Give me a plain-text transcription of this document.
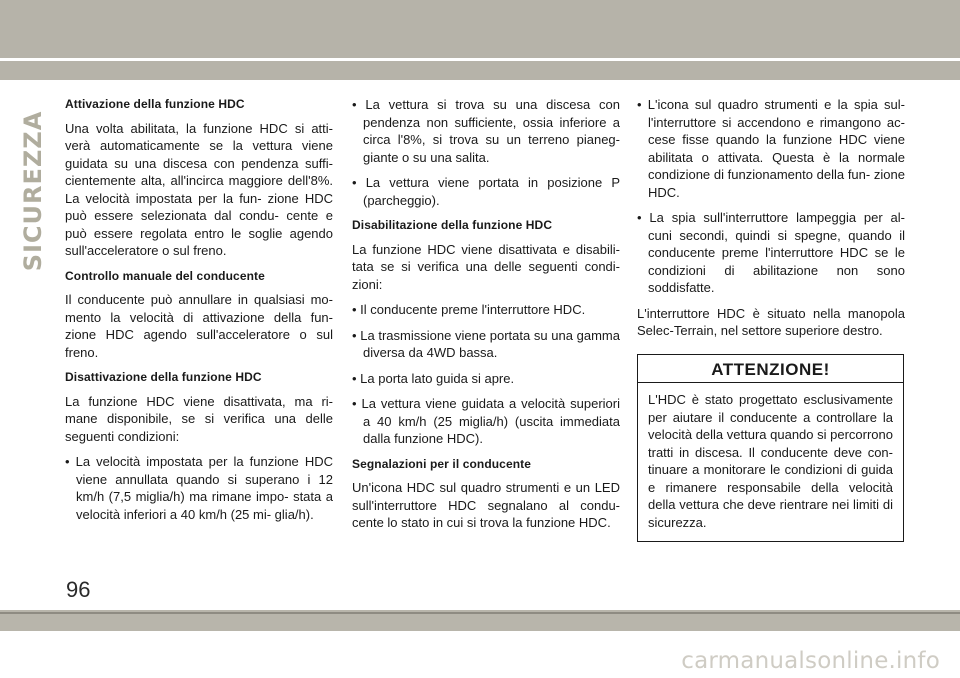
SICUREZZA
Attivazione della funzione HDC

Una volta abilitata, la funzione HDC si atti- verà automaticamente se la vettura viene guidata su una discesa con pendenza suffi- cientemente alta, all'incirca maggiore dell'8%. La velocità impostata per la fun- zione HDC può essere selezionata dal condu- cente e può essere regolata entro le soglie agendo sull'acceleratore o sul freno.

Controllo manuale del conducente

Il conducente può annullare in qualsiasi mo- mento la velocità di attivazione della fun- zione HDC agendo sull'acceleratore o sul freno.

Disattivazione della funzione HDC

La funzione HDC viene disattivata, ma ri- mane disponibile, se si verifica una delle seguenti condizioni:

• La velocità impostata per la funzione HDC viene annullata quando si superano i 12 km/h (7,5 miglia/h) ma rimane impo- stata a velocità inferiori a 40 km/h (25 mi- glia/h).

• La vettura si trova su una discesa con pendenza non sufficiente, ossia inferiore a circa l'8%, si trova su un terreno pianeg- giante o su una salita.

• La vettura viene portata in posizione P (parcheggio).

Disabilitazione della funzione HDC

La funzione HDC viene disattivata e disabili- tata se si verifica una delle seguenti condi- zioni:

• Il conducente preme l'interruttore HDC.

• La trasmissione viene portata su una gamma diversa da 4WD bassa.

• La porta lato guida si apre.

• La vettura viene guidata a velocità superiori a 40 km/h (25 miglia/h) (uscita immediata dalla funzione HDC).

Segnalazioni per il conducente

Un'icona HDC sul quadro strumenti e un LED sull'interruttore HDC segnalano al condu- cente lo stato in cui si trova la funzione HDC.

• L'icona sul quadro strumenti e la spia sul- l'interruttore si accendono e rimangono ac- cese fisse quando la funzione HDC viene abilitata o attivata. Questa è la normale condizione di funzionamento della fun- zione HDC.

• La spia sull'interruttore lampeggia per al- cuni secondi, quindi si spegne, quando il conducente preme l'interruttore HDC se le condizioni di abilitazione non sono soddisfatte.

L'interruttore HDC è situato nella manopola Selec-Terrain, nel settore superiore destro.

ATTENZIONE!
L'HDC è stato progettato esclusivamente per aiutare il conducente a controllare la velocità della vettura quando si percorrono tratti in discesa. Il conducente deve con- tinuare a monitorare le condizioni di guida e rimanere responsabile della velocità della vettura che deve rientrare nei limiti di sicurezza.
96
carmanualsonline.info
